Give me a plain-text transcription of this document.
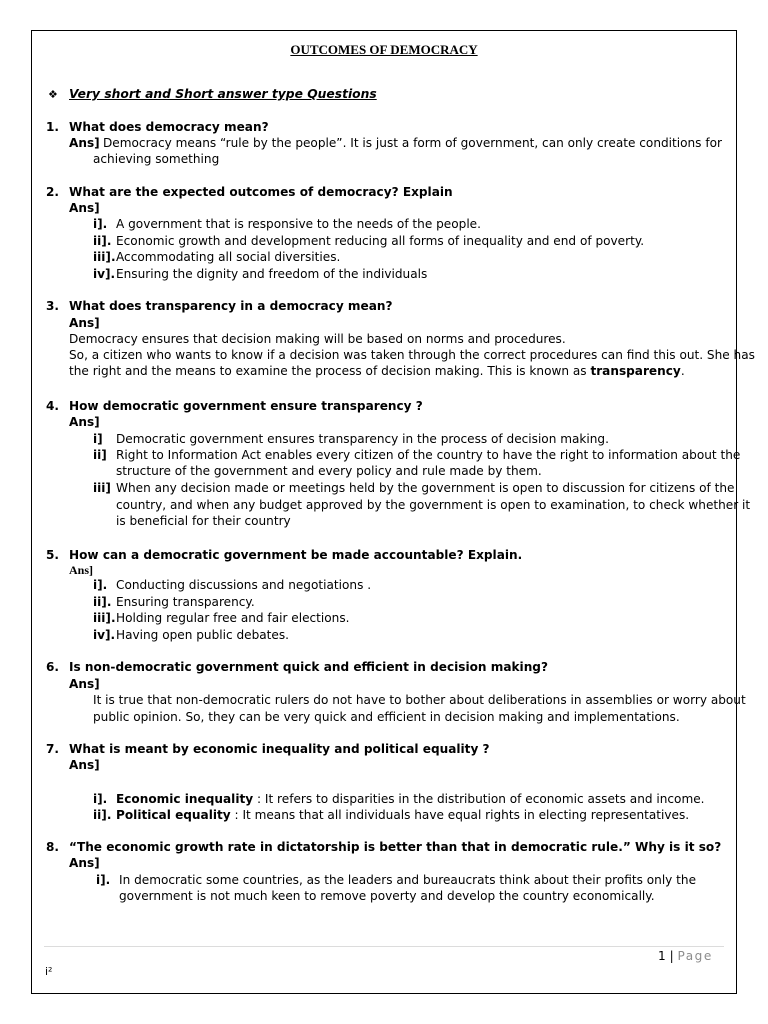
OUTCOMES OF DEMOCRACY
❖ Very short and Short answer type Questions
1. What does democracy mean?
Ans] Democracy means “rule by the people”. It is just a form of government, can only create conditions for
achieving something
2. What are the expected outcomes of democracy? Explain
Ans]
i]. A government that is responsive to the needs of the people.
ii]. Economic growth and development reducing all forms of inequality and end of poverty.
iii]. Accommodating all social diversities.
iv]. Ensuring the dignity and freedom of the individuals
3. What does transparency in a democracy mean?
Ans]
Democracy ensures that decision making will be based on norms and procedures.
So, a citizen who wants to know if a decision was taken through the correct procedures can find this out. She has
the right and the means to examine the process of decision making. This is known as transparency.
4. How democratic government ensure transparency ?
Ans]
i] Democratic government ensures transparency in the process of decision making.
ii] Right to Information Act enables every citizen of the country to have the right to information about the
structure of the government and every policy and rule made by them.
iii] When any decision made or meetings held by the government is open to discussion for citizens of the
country, and when any budget approved by the government is open to examination, to check whether it
is beneficial for their country
5. How can a democratic government be made accountable? Explain.
Ans]
i]. Conducting discussions and negotiations .
ii]. Ensuring transparency.
iii]. Holding regular free and fair elections.
iv]. Having open public debates.
6. Is non-democratic government quick and efficient in decision making?
Ans]
It is true that non-democratic rulers do not have to bother about deliberations in assemblies or worry about
public opinion. So, they can be very quick and efficient in decision making and implementations.
7. What is meant by economic inequality and political equality ?
Ans]
i]. Economic inequality : It refers to disparities in the distribution of economic assets and income.
ii]. Political equality : It means that all individuals have equal rights in electing representatives.
8. “The economic growth rate in dictatorship is better than that in democratic rule.” Why is it so?
Ans]
i]. In democratic some countries, as the leaders and bureaucrats think about their profits only the
government is not much keen to remove poverty and develop the country economically.
1 | Page
i²
